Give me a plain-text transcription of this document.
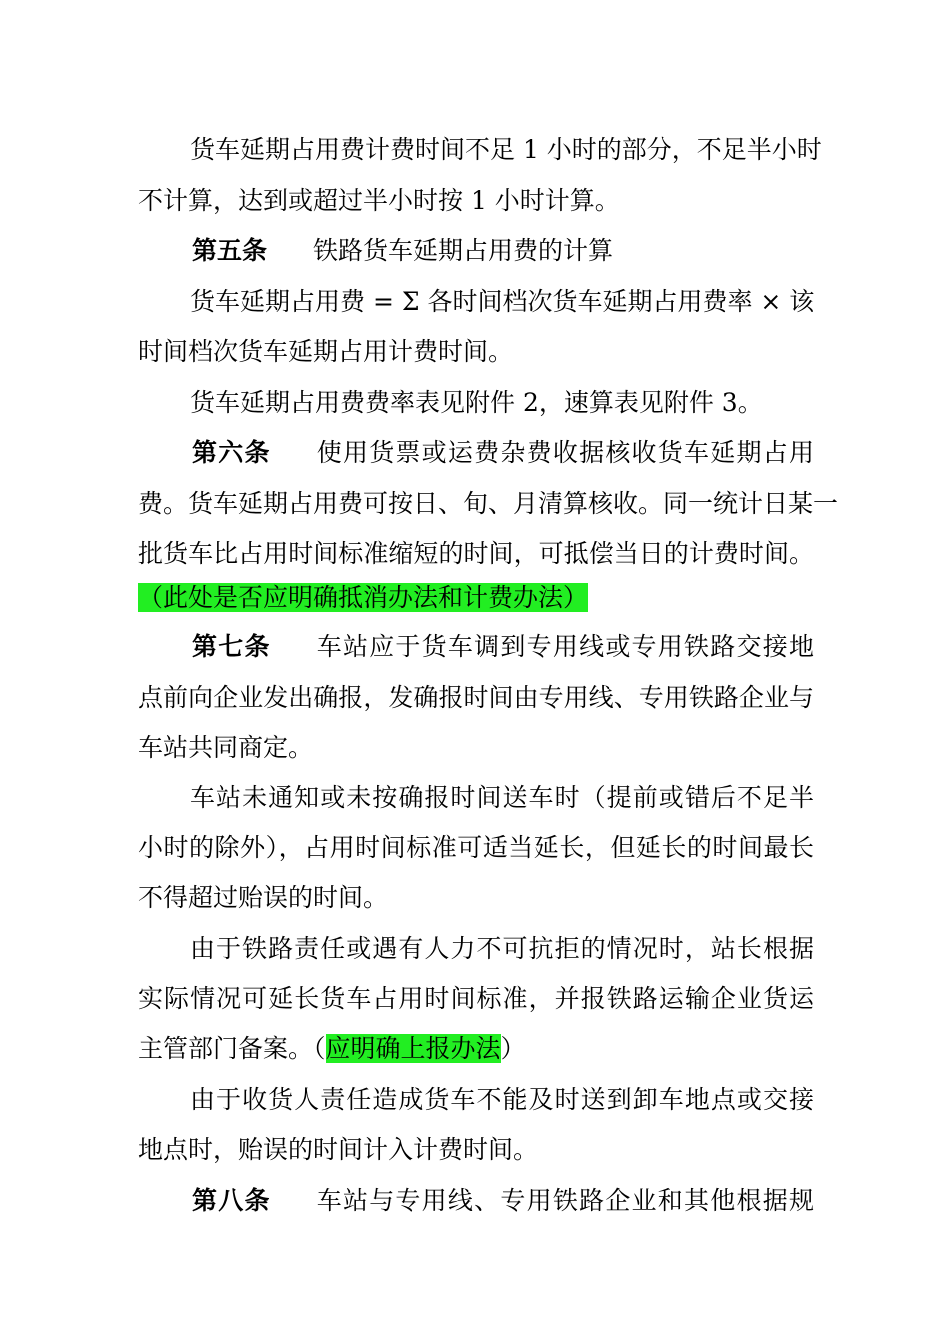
货车延期占用费计费时间不足 1 小时的部分，不足半小时
不计算，达到或超过半小时按 1 小时计算。
第五条 铁路货车延期占用费的计算
货车延期占用费 = Σ 各时间档次货车延期占用费率 × 该
时间档次货车延期占用计费时间。
货车延期占用费费率表见附件 2，速算表见附件 3。
第六条 使用货票或运费杂费收据核收货车延期占用
费。货车延期占用费可按日、旬、月清算核收。同一统计日某一
批货车比占用时间标准缩短的时间，可抵偿当日的计费时间。
（此处是否应明确抵消办法和计费办法）
第七条 车站应于货车调到专用线或专用铁路交接地
点前向企业发出确报，发确报时间由专用线、专用铁路企业与
车站共同商定。
车站未通知或未按确报时间送车时（提前或错后不足半
小时的除外），占用时间标准可适当延长，但延长的时间最长
不得超过贻误的时间。
由于铁路责任或遇有人力不可抗拒的情况时，站长根据
实际情况可延长货车占用时间标准，并报铁路运输企业货运
主管部门备案。（应明确上报办法）
由于收货人责任造成货车不能及时送到卸车地点或交接
地点时，贻误的时间计入计费时间。
第八条 车站与专用线、专用铁路企业和其他根据规
